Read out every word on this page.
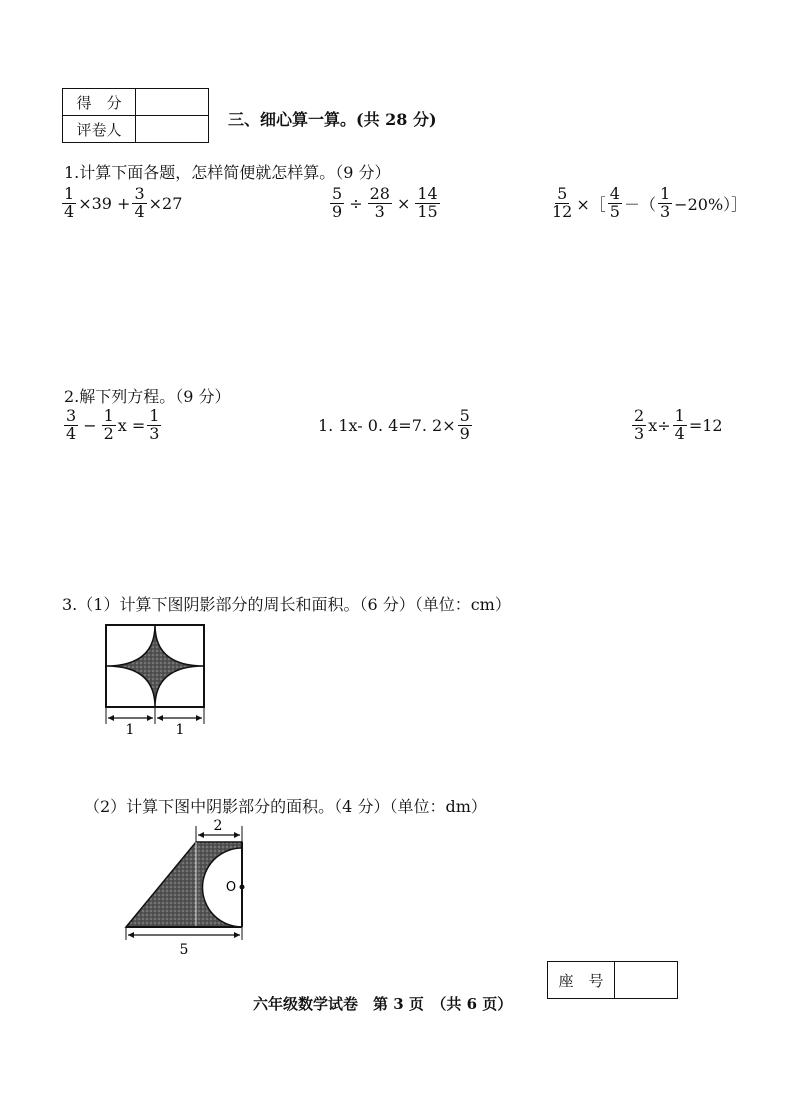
得　分	
评卷人	
三、细心算一算。(共 28 分)
1.计算下面各题，怎样简便就怎样算。（9 分）
$\frac{1}{4} \times 39 + \frac{3}{4} \times 27$	$\frac{5}{9} \div \frac{28}{3} \times \frac{14}{15}$	$\frac{5}{12}$ ×［ $\frac{4}{5}$ －（ $\frac{1}{3}$ −20%）］
2.解下列方程。（9 分）
$\frac{3}{4} - \frac{1}{2}$ $x = \frac{1}{3}$	1. 1x- 0. 4=7. $2\times \frac{5}{9}$	$\frac{2}{3} x\div \frac{1}{4} =12$
3.（1）计算下图阴影部分的周长和面积。（6 分）（单位：cm）
1	1
（2）计算下图中阴影部分的面积。（4 分）（单位：dm）
2
O
5
座　号	
六年级数学试卷　第 3 页　（共 6 页）
